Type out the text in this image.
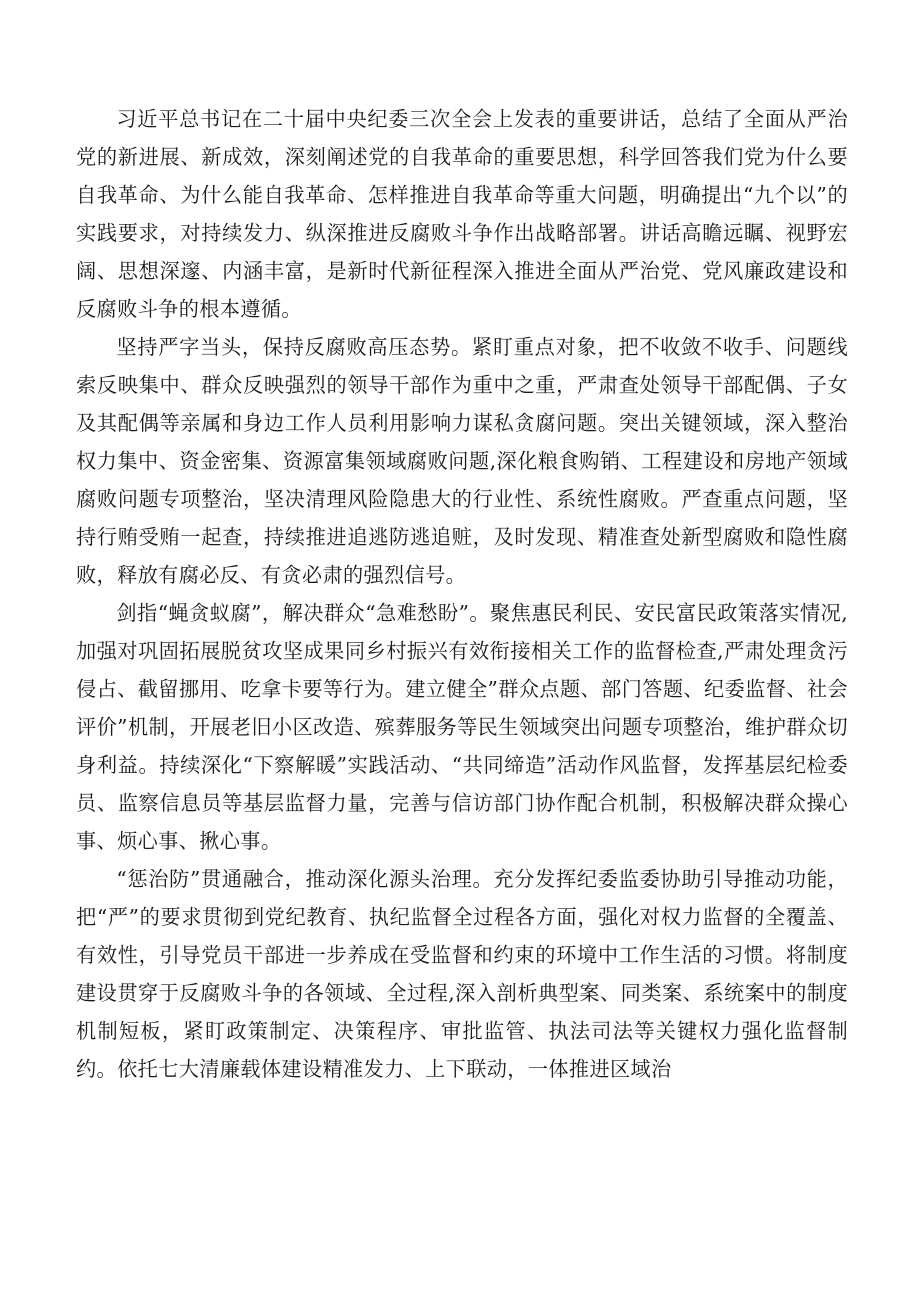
习近平总书记在二十届中央纪委三次全会上发表的重要讲话，总结了全面从严治党的新进展、新成效，深刻阐述党的自我革命的重要思想，科学回答我们党为什么要自我革命、为什么能自我革命、怎样推进自我革命等重大问题，明确提出“九个以”的实践要求，对持续发力、纵深推进反腐败斗争作出战略部署。讲话高瞻远瞩、视野宏阔、思想深邃、内涵丰富，是新时代新征程深入推进全面从严治党、党风廉政建设和反腐败斗争的根本遵循。

坚持严字当头，保持反腐败高压态势。紧盯重点对象，把不收敛不收手、问题线索反映集中、群众反映强烈的领导干部作为重中之重，严肃查处领导干部配偶、子女及其配偶等亲属和身边工作人员利用影响力谋私贪腐问题。突出关键领域，深入整治权力集中、资金密集、资源富集领域腐败问题,深化粮食购销、工程建设和房地产领域腐败问题专项整治，坚决清理风险隐患大的行业性、系统性腐败。严查重点问题，坚持行贿受贿一起查，持续推进追逃防逃追赃，及时发现、精准查处新型腐败和隐性腐败，释放有腐必反、有贪必肃的强烈信号。

剑指“蝇贪蚁腐”，解决群众“急难愁盼”。聚焦惠民利民、安民富民政策落实情况,加强对巩固拓展脱贫攻坚成果同乡村振兴有效衔接相关工作的监督检查,严肃处理贪污侵占、截留挪用、吃拿卡要等行为。建立健全”群众点题、部门答题、纪委监督、社会评价”机制，开展老旧小区改造、殡葬服务等民生领域突出问题专项整治，维护群众切身利益。持续深化“下察解暖”实践活动、“共同缔造”活动作风监督，发挥基层纪检委员、监察信息员等基层监督力量，完善与信访部门协作配合机制，积极解决群众操心事、烦心事、揪心事。

“惩治防”贯通融合，推动深化源头治理。充分发挥纪委监委协助引导推动功能，把“严”的要求贯彻到党纪教育、执纪监督全过程各方面，强化对权力监督的全覆盖、有效性，引导党员干部进一步养成在受监督和约束的环境中工作生活的习惯。将制度建设贯穿于反腐败斗争的各领域、全过程,深入剖析典型案、同类案、系统案中的制度机制短板，紧盯政策制定、决策程序、审批监管、执法司法等关键权力强化监督制约。依托七大清廉载体建设精准发力、上下联动，一体推进区域治
